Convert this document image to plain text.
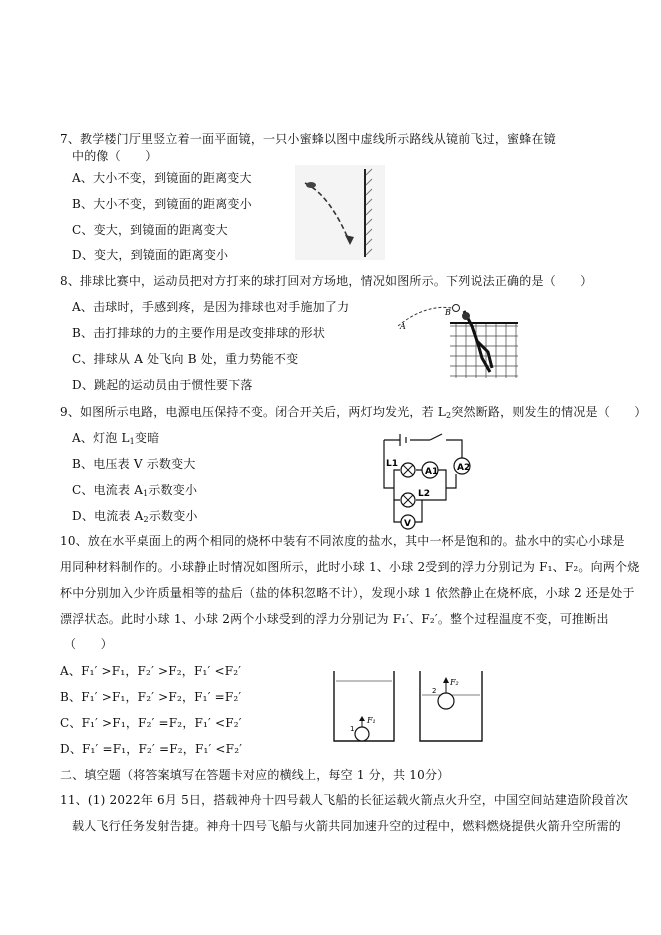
7、教学楼门厅里竖立着一面平面镜，一只小蜜蜂以图中虚线所示路线从镜前飞过，蜜蜂在镜
中的像（　　）
A、大小不变，到镜面的距离变大
B、大小不变，到镜面的距离变小
C、变大，到镜面的距离变大
D、变大，到镜面的距离变小
8、排球比赛中，运动员把对方打来的球打回对方场地，情况如图所示。下列说法正确的是（　　）
A、击球时，手感到疼，是因为排球也对手施加了力
B、击打排球的力的主要作用是改变排球的形状
C、排球从 A 处飞向 B 处，重力势能不变
D、跳起的运动员由于惯性要下落
A
B
9、如图所示电路，电源电压保持不变。闭合开关后，两灯均发光，若 $L_2$突然断路，则发生的情况是（　　）
A、灯泡 $L_1$变暗
B、电压表 V 示数变大
C、电流表 $A_1$示数变小
D、电流表 $A_2$示数变小
A1 A2
V
L1
L2
10、放在水平桌面上的两个相同的烧杯中装有不同浓度的盐水，其中一杯是饱和的。盐水中的实心小球是
用同种材料制作的。小球静止时情况如图所示，此时小球 1、小球 2受到的浮力分别记为 F₁、F₂。向两个烧
杯中分别加入少许质量相等的盐后（盐的体积忽略不计），发现小球 1 依然静止在烧杯底，小球 2 还是处于
漂浮状态。此时小球 1、小球 2两个小球受到的浮力分别记为 F₁′、F₂′。整个过程温度不变，可推断出
（　　）
A、F₁′ >F₁，F₂′ >F₂，F₁′ <F₂′
B、F₁′ >F₁，F₂′ >F₂，F₁′ =F₂′
C、F₁′ >F₁，F₂′ =F₂，F₁′ <F₂′
D、F₁′ =F₁，F₂′ =F₂，F₁′ <F₂′
1
F₁
2
F₂
二、填空题（将答案填写在答题卡对应的横线上，每空 1 分，共 10分）
11、(1) 2022年 6月 5日，搭载神舟十四号载人飞船的长征运载火箭点火升空，中国空间站建造阶段首次
载人飞行任务发射告捷。神舟十四号飞船与火箭共同加速升空的过程中，燃料燃烧提供火箭升空所需的
